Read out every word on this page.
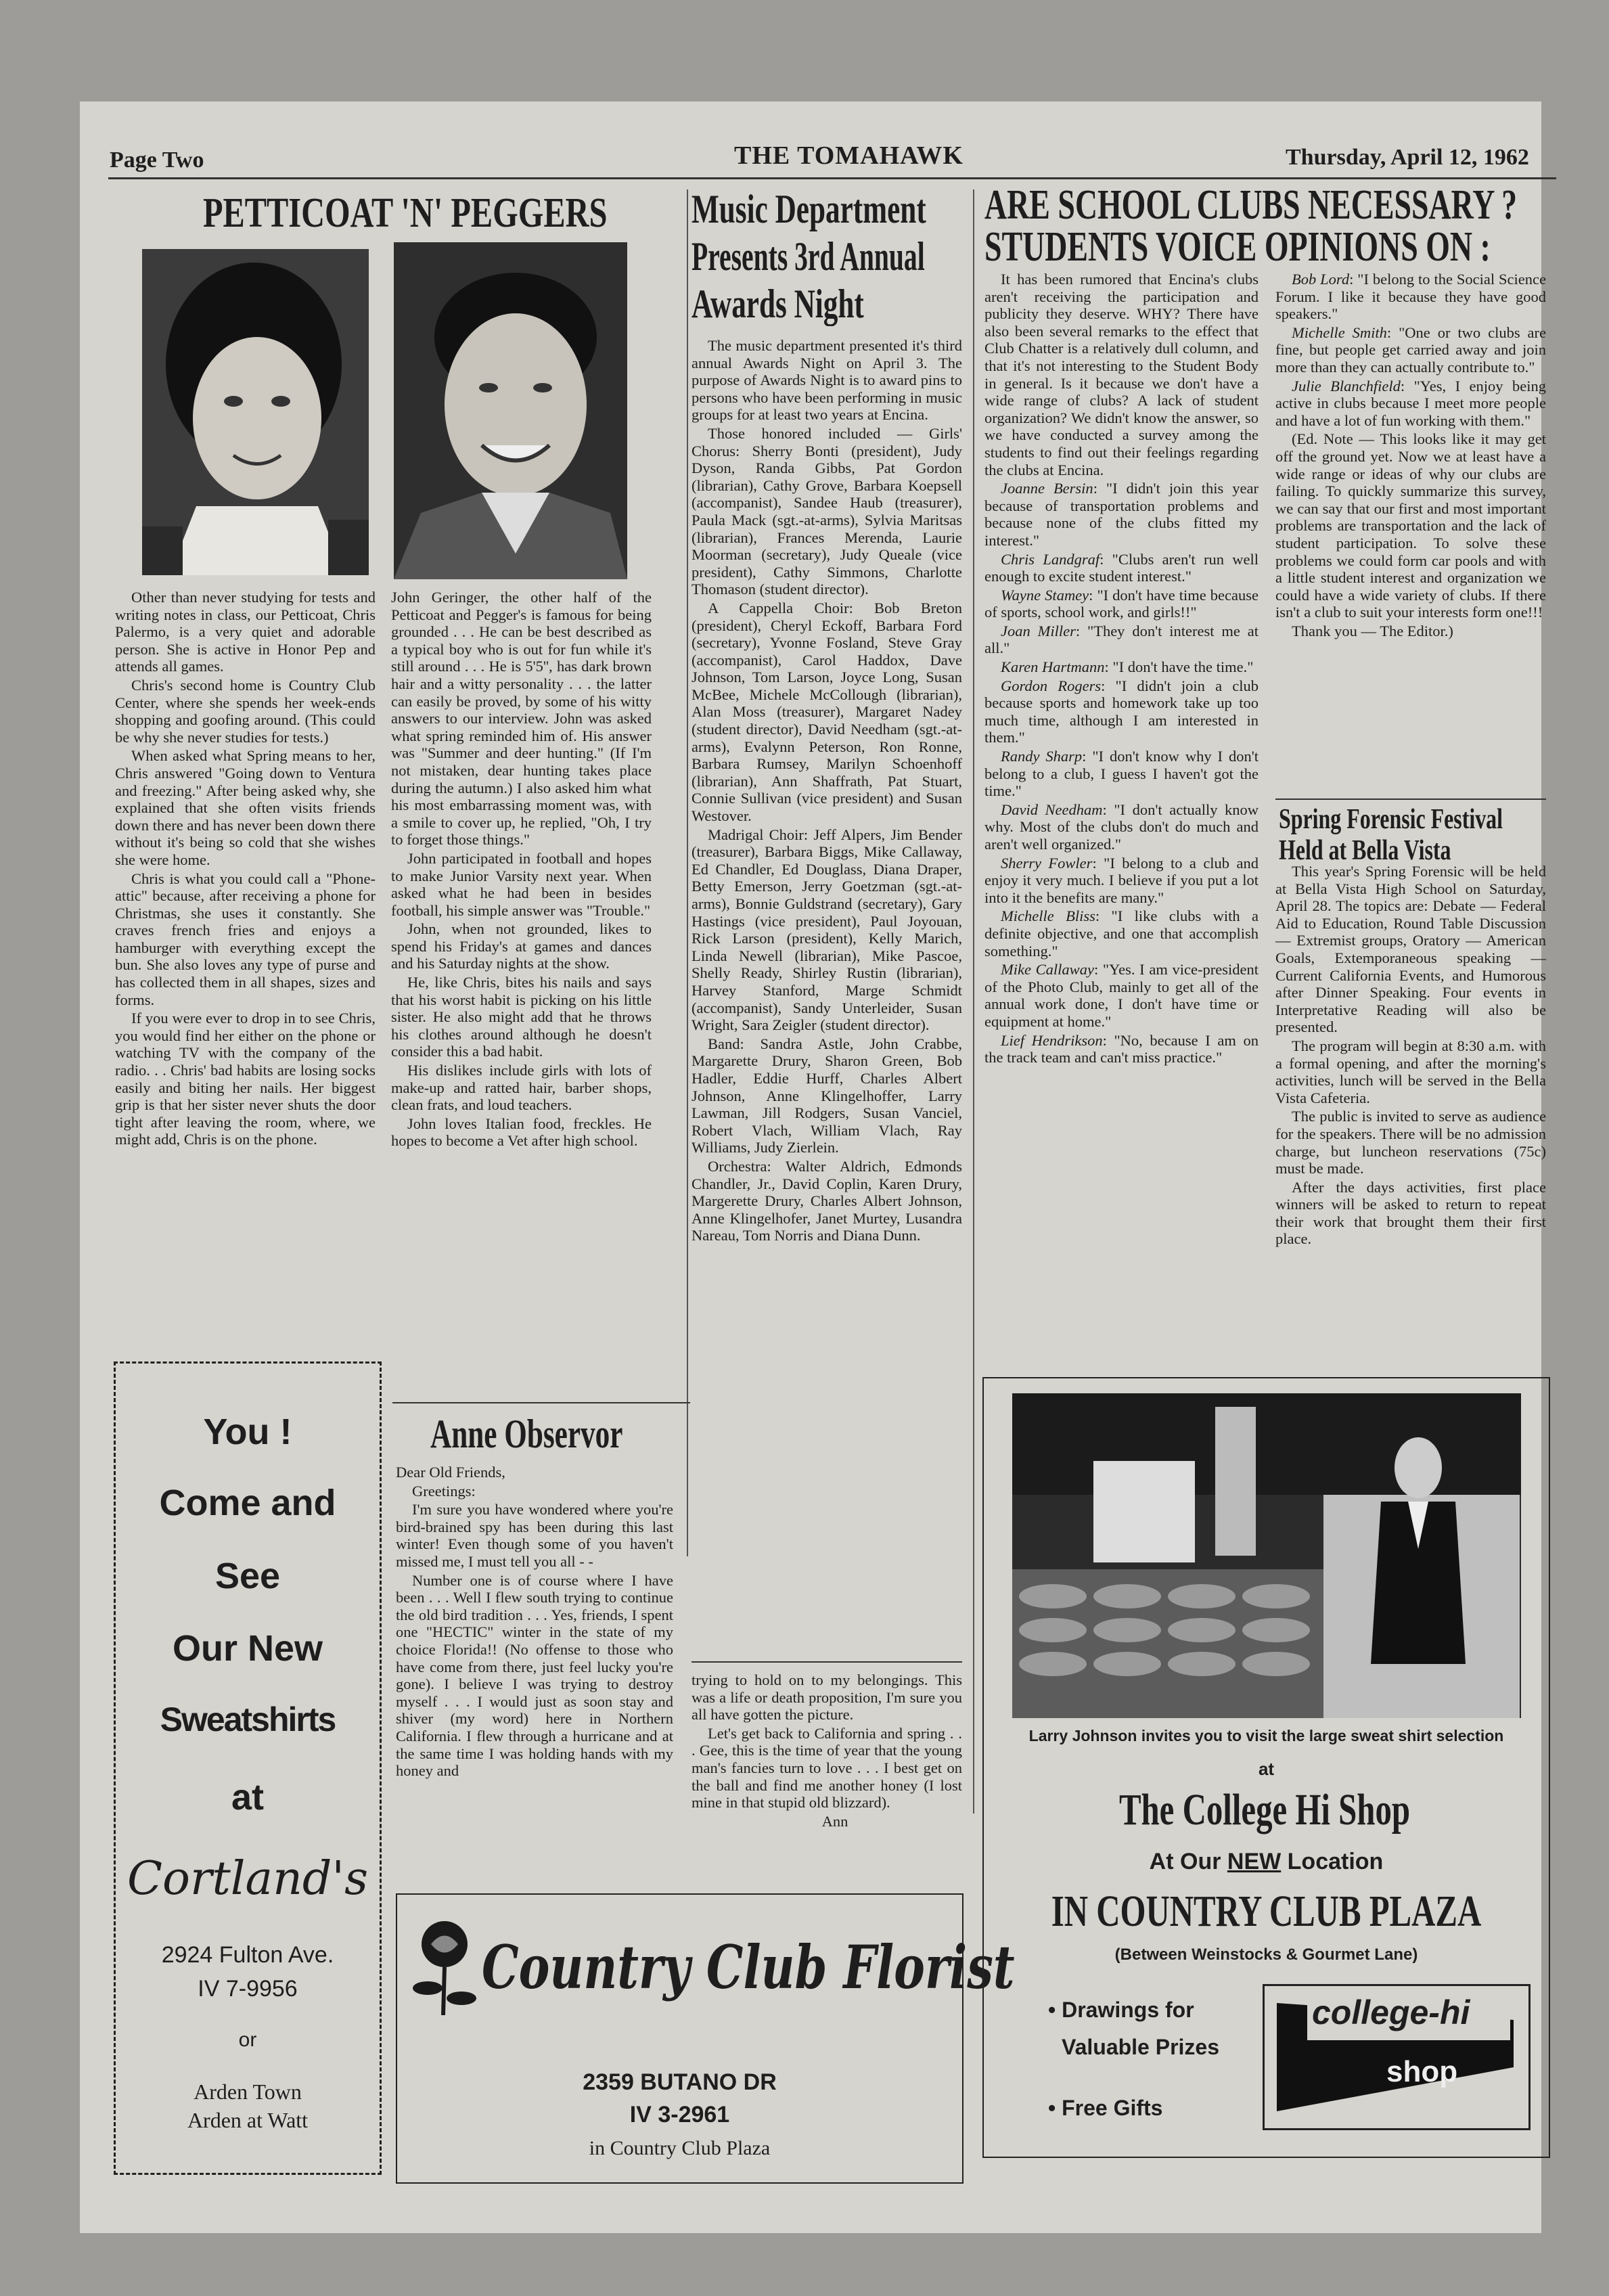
Page Two	THE TOMAHAWK	Thursday, April 12, 1962
PETTICOAT 'N' PEGGERS

Other than never studying for tests and writing notes in class, our Petticoat, Chris Palermo, is a very quiet and adorable person. She is active in Honor Pep and attends all games.

Chris's second home is Country Club Center, where she spends her week-ends shopping and goofing around. (This could be why she never studies for tests.)

When asked what Spring means to her, Chris answered "Going down to Ventura and freezing." After being asked why, she explained that she often visits friends down there and has never been down there without it's being so cold that she wishes she were home.

Chris is what you could call a "Phone-attic" because, after receiving a phone for Christmas, she uses it constantly. She craves french fries and enjoys a hamburger with everything except the bun. She also loves any type of purse and has collected them in all shapes, sizes and forms.

If you were ever to drop in to see Chris, you would find her either on the phone or watching TV with the company of the radio. . . Chris' bad habits are losing socks easily and biting her nails. Her biggest grip is that her sister never shuts the door tight after leaving the room, where, we might add, Chris is on the phone.

John Geringer, the other half of the Petticoat and Pegger's is famous for being grounded . . . He can be best described as a typical boy who is out for fun while it's still around . . . He is 5'5'', has dark brown hair and a witty personality . . . the latter can easily be proved, by some of his witty answers to our interview. John was asked what spring reminded him of. His answer was "Summer and deer hunting." (If I'm not mistaken, dear hunting takes place during the autumn.) I also asked him what his most embarrassing moment was, with a smile to cover up, he replied, "Oh, I try to forget those things."

John participated in football and hopes to make Junior Varsity next year. When asked what he had been in besides football, his simple answer was "Trouble."

John, when not grounded, likes to spend his Friday's at games and dances and his Saturday nights at the show.

He, like Chris, bites his nails and says that his worst habit is picking on his little sister. He also might add that he throws his clothes around although he doesn't consider this a bad habit.

His dislikes include girls with lots of make-up and ratted hair, barber shops, clean frats, and loud teachers.

John loves Italian food, freckles. He hopes to become a Vet after high school.

You !
Come and
See
Our New
Sweatshirts
at
Cortland's
2924 Fulton Ave.
IV 7-9956
or
Arden Town
Arden at Watt
Anne Observor

Dear Old Friends,

Greetings:

I'm sure you have wondered where you're bird-brained spy has been during this last winter! Even though some of you haven't missed me, I must tell you all - -

Number one is of course where I have been . . . Well I flew south trying to continue the old bird tradition . . . Yes, friends, I spent one "HECTIC" winter in the state of my choice Florida!! (No offense to those who have come from there, just feel lucky you're gone). I believe I was trying to destroy myself . . . I would just as soon stay and shiver (my word) here in Northern California. I flew through a hurricane and at the same time I was holding hands with my honey and

trying to hold on to my belongings. This was a life or death proposition, I'm sure you all have gotten the picture.

Let's get back to California and spring . . . Gee, this is the time of year that the young man's fancies turn to love . . . I best get on the ball and find me another honey (I lost mine in that stupid old blizzard).

Ann

Music Department
Presents 3rd Annual
Awards Night

The music department presented it's third annual Awards Night on April 3. The purpose of Awards Night is to award pins to persons who have been performing in music groups for at least two years at Encina.

Those honored included — Girls' Chorus: Sherry Bonti (president), Judy Dyson, Randa Gibbs, Pat Gordon (librarian), Cathy Grove, Barbara Koepsell (accompanist), Sandee Haub (treasurer), Paula Mack (sgt.-at-arms), Sylvia Maritsas (librarian), Frances Merenda, Laurie Moorman (secretary), Judy Queale (vice president), Cathy Simmons, Charlotte Thomason (student director).

A Cappella Choir: Bob Breton (president), Cheryl Eckoff, Barbara Ford (secretary), Yvonne Fosland, Steve Gray (accompanist), Carol Haddox, Dave Johnson, Tom Larson, Joyce Long, Susan McBee, Michele McCollough (librarian), Alan Moss (treasurer), Margaret Nadey (student director), David Needham (sgt.-at-arms), Evalynn Peterson, Ron Ronne, Barbara Rumsey, Marilyn Schoenhoff (librarian), Ann Shaffrath, Pat Stuart, Connie Sullivan (vice president) and Susan Westover.

Madrigal Choir: Jeff Alpers, Jim Bender (treasurer), Barbara Biggs, Mike Callaway, Ed Chandler, Ed Douglass, Diana Draper, Betty Emerson, Jerry Goetzman (sgt.-at-arms), Bonnie Guldstrand (secretary), Gary Hastings (vice president), Paul Joyouan, Rick Larson (president), Kelly Marich, Linda Newell (librarian), Mike Pascoe, Shelly Ready, Shirley Rustin (librarian), Harvey Stanford, Marge Schmidt (accompanist), Sandy Unterleider, Susan Wright, Sara Zeigler (student director).

Band: Sandra Astle, John Crabbe, Margarette Drury, Sharon Green, Bob Hadler, Eddie Hurff, Charles Albert Johnson, Anne Klingelhoffer, Larry Lawman, Jill Rodgers, Susan Vanciel, Robert Vlach, William Vlach, Ray Williams, Judy Zierlein.

Orchestra: Walter Aldrich, Edmonds Chandler, Jr., David Coplin, Karen Drury, Margerette Drury, Charles Albert Johnson, Anne Klingelhofer, Janet Murtey, Lusandra Nareau, Tom Norris and Diana Dunn.

Country Club Florist
2359 BUTANO DR
IV 3-2961
in Country Club Plaza
ARE SCHOOL CLUBS NECESSARY ?
STUDENTS VOICE OPINIONS ON :

It has been rumored that Encina's clubs aren't receiving the participation and publicity they deserve. WHY? There have also been several remarks to the effect that Club Chatter is a relatively dull column, and that it's not interesting to the Student Body in general. Is it because we don't have a wide range of clubs? A lack of student organization? We didn't know the answer, so we have conducted a survey among the students to find out their feelings regarding the clubs at Encina.

Joanne Bersin: "I didn't join this year because of transportation problems and because none of the clubs fitted my interest."

Chris Landgraf: "Clubs aren't run well enough to excite student interest."

Wayne Stamey: "I don't have time because of sports, school work, and girls!!"

Joan Miller: "They don't interest me at all."

Karen Hartmann: "I don't have the time."

Gordon Rogers: "I didn't join a club because sports and homework take up too much time, although I am interested in them."

Randy Sharp: "I don't know why I don't belong to a club, I guess I haven't got the time."

David Needham: "I don't actually know why. Most of the clubs don't do much and aren't well organized."

Sherry Fowler: "I belong to a club and enjoy it very much. I believe if you put a lot into it the benefits are many."

Michelle Bliss: "I like clubs with a definite objective, and one that accomplish something."

Mike Callaway: "Yes. I am vice-president of the Photo Club, mainly to get all of the annual work done, I don't have time or equipment at home."

Lief Hendrikson: "No, because I am on the track team and can't miss practice."

Bob Lord: "I belong to the Social Science Forum. I like it because they have good speakers."

Michelle Smith: "One or two clubs are fine, but people get carried away and join more than they can actually contribute to."

Julie Blanchfield: "Yes, I enjoy being active in clubs because I meet more people and have a lot of fun working with them."

(Ed. Note — This looks like it may get off the ground yet. Now we at least have a wide range or ideas of why our clubs are failing. To quickly summarize this survey, we can say that our first and most important problems are transportation and the lack of student participation. To solve these problems we could form car pools and with a little student interest and organization we could have a wide variety of clubs. If there isn't a club to suit your interests form one!!!

Thank you — The Editor.)

Spring Forensic Festival Held at Bella Vista

This year's Spring Forensic will be held at Bella Vista High School on Saturday, April 28. The topics are: Debate — Federal Aid to Education, Round Table Discussion — Extremist groups, Oratory — American Goals, Extemporaneous speaking — Current California Events, and Humorous after Dinner Speaking. Four events in Interpretative Reading will also be presented.

The program will begin at 8:30 a.m. with a formal opening, and after the morning's activities, lunch will be served in the Bella Vista Cafeteria.

The public is invited to serve as audience for the speakers. There will be no admission charge, but luncheon reservations (75c) must be made.

After the days activities, first place winners will be asked to return to repeat their work that brought them their first place.

Larry Johnson invites you to visit the large sweat shirt selection
at
The College Hi Shop
At Our NEW Location
IN COUNTRY CLUB PLAZA
(Between Weinstocks & Gourmet Lane)
• Drawings for
Valuable Prizes
• Free Gifts
college-hi
shop
